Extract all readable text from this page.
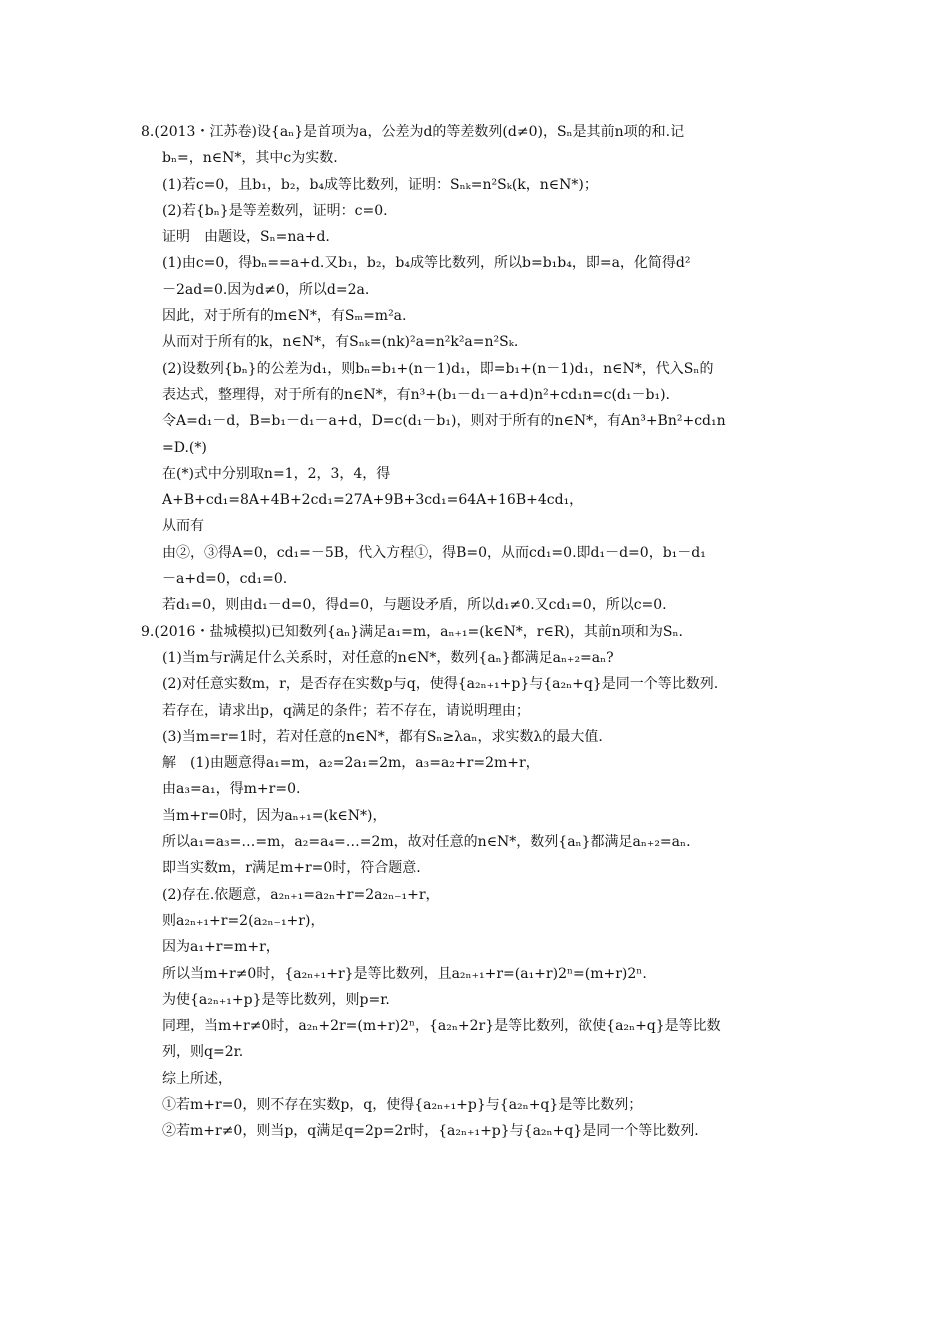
8.(2013・江苏卷)设{aₙ}是首项为a，公差为d的等差数列(d≠0)，Sₙ是其前n项的和.记
bₙ=，n∈N*，其中c为实数.
(1)若c=0，且b₁，b₂，b₄成等比数列，证明：Sₙₖ=n²Sₖ(k，n∈N*)；
(2)若{bₙ}是等差数列，证明：c=0.
证明　由题设，Sₙ=na+d.
(1)由c=0，得bₙ==a+d.又b₁，b₂，b₄成等比数列，所以b=b₁b₄，即=a，化简得d²
－2ad=0.因为d≠0，所以d=2a.
因此，对于所有的m∈N*，有Sₘ=m²a.
从而对于所有的k，n∈N*，有Sₙₖ=(nk)²a=n²k²a=n²Sₖ.
(2)设数列{bₙ}的公差为d₁，则bₙ=b₁+(n－1)d₁，即=b₁+(n－1)d₁，n∈N*，代入Sₙ的
表达式，整理得，对于所有的n∈N*，有n³+(b₁－d₁－a+d)n²+cd₁n=c(d₁－b₁).
令A=d₁－d，B=b₁－d₁－a+d，D=c(d₁－b₁)，则对于所有的n∈N*，有An³+Bn²+cd₁n
=D.(*)
在(*)式中分别取n=1，2，3，4，得
A+B+cd₁=8A+4B+2cd₁=27A+9B+3cd₁=64A+16B+4cd₁，
从而有
由②，③得A=0，cd₁=－5B，代入方程①，得B=0，从而cd₁=0.即d₁－d=0，b₁－d₁
－a+d=0，cd₁=0.
若d₁=0，则由d₁－d=0，得d=0，与题设矛盾，所以d₁≠0.又cd₁=0，所以c=0.
9.(2016・盐城模拟)已知数列{aₙ}满足a₁=m，aₙ₊₁=(k∈N*，r∈R)，其前n项和为Sₙ.
(1)当m与r满足什么关系时，对任意的n∈N*，数列{aₙ}都满足aₙ₊₂=aₙ?
(2)对任意实数m，r，是否存在实数p与q，使得{a₂ₙ₊₁+p}与{a₂ₙ+q}是同一个等比数列.
若存在，请求出p，q满足的条件；若不存在，请说明理由；
(3)当m=r=1时，若对任意的n∈N*，都有Sₙ≥λaₙ，求实数λ的最大值.
解　(1)由题意得a₁=m，a₂=2a₁=2m，a₃=a₂+r=2m+r，
由a₃=a₁，得m+r=0.
当m+r=0时，因为aₙ₊₁=(k∈N*)，
所以a₁=a₃=…=m，a₂=a₄=…=2m，故对任意的n∈N*，数列{aₙ}都满足aₙ₊₂=aₙ.
即当实数m，r满足m+r=0时，符合题意.
(2)存在.依题意，a₂ₙ₊₁=a₂ₙ+r=2a₂ₙ₋₁+r，
则a₂ₙ₊₁+r=2(a₂ₙ₋₁+r)，
因为a₁+r=m+r，
所以当m+r≠0时，{a₂ₙ₊₁+r}是等比数列，且a₂ₙ₊₁+r=(a₁+r)2ⁿ=(m+r)2ⁿ.
为使{a₂ₙ₊₁+p}是等比数列，则p=r.
同理，当m+r≠0时，a₂ₙ+2r=(m+r)2ⁿ，{a₂ₙ+2r}是等比数列，欲使{a₂ₙ+q}是等比数
列，则q=2r.
综上所述，
①若m+r=0，则不存在实数p，q，使得{a₂ₙ₊₁+p}与{a₂ₙ+q}是等比数列；
②若m+r≠0，则当p，q满足q=2p=2r时，{a₂ₙ₊₁+p}与{a₂ₙ+q}是同一个等比数列.
